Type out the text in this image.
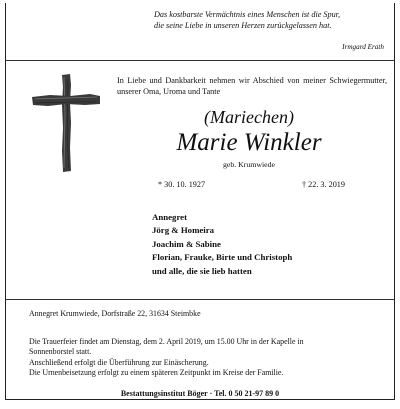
Das kostbarste Vermächtnis eines Menschen ist die Spur,
die seine Liebe in unseren Herzen zurückgelassen hat.
Irmgard Erath
In Liebe und Dankbarkeit nehmen wir Abschied von meiner Schwiegermutter, unserer Oma, Uroma und Tante
(Mariechen)
Marie Winkler
geb. Krumwiede
* 30. 10. 1927	† 22. 3. 2019
Annegret
Jörg & Homeira
Joachim & Sabine
Florian, Frauke, Birte und Christoph
und alle, die sie lieb hatten
Annegret Krumwiede, Dorfstraße 22, 31634 Steimbke
Die Trauerfeier findet am Dienstag, dem 2. April 2019, um 15.00 Uhr in der Kapelle in
Sonnenborstel statt.
Anschließend erfolgt die Überführung zur Einäscherung.
Die Urnenbeisetzung erfolgt zu einem späteren Zeitpunkt im Kreise der Familie.
Bestattungsinstitut Böger · Tel. 0 50 21-97 89 0
